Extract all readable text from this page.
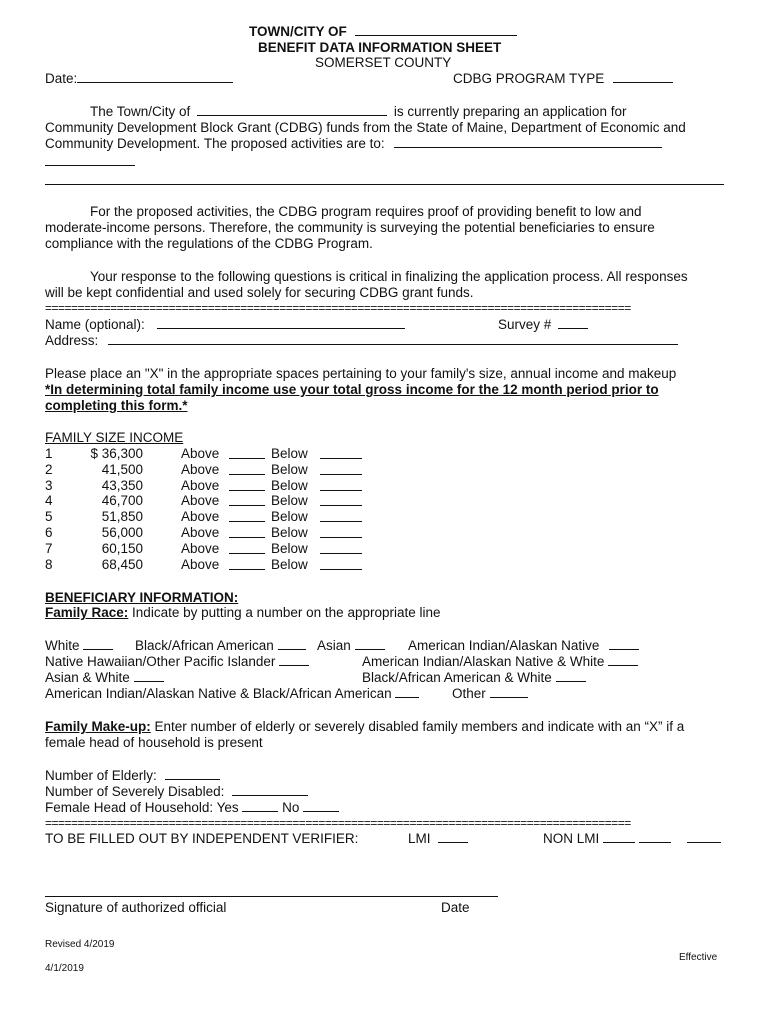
TOWN/CITY OF
BENEFIT DATA INFORMATION SHEET
SOMERSET COUNTY
Date:	CDBG PROGRAM TYPE
The Town/City of	is currently preparing an application for
Community Development Block Grant (CDBG) funds from the State of Maine, Department of Economic and
Community Development. The proposed activities are to:
For the proposed activities, the CDBG program requires proof of providing benefit to low and
moderate-income persons. Therefore, the community is surveying the potential beneficiaries to ensure
compliance with the regulations of the CDBG Program.
Your response to the following questions is critical in finalizing the application process. All responses
will be kept confidential and used solely for securing CDBG grant funds.
==========================================================================================
Name (optional):	Survey #
Address:
Please place an "X" in the appropriate spaces pertaining to your family's size, annual income and makeup
*In determining total family income use your total gross income for the 12 month period prior to
completing this form.*
FAMILY SIZE INCOME
1	$ 36,300	Above	Below
2	41,500	Above	Below
3	43,350	Above	Below
4	46,700	Above	Below
5	51,850	Above	Below
6	56,000	Above	Below
7	60,150	Above	Below
8	68,450	Above	Below
BENEFICIARY INFORMATION:
Family Race: Indicate by putting a number on the appropriate line
White	Black/African American	Asian	American Indian/Alaskan Native
Native Hawaiian/Other Pacific Islander	American Indian/Alaskan Native & White
Asian & White	Black/African American & White
American Indian/Alaskan Native & Black/African American	Other
Family Make-up: Enter number of elderly or severely disabled family members and indicate with an “X” if a
female head of household is present
Number of Elderly:
Number of Severely Disabled:
Female Head of Household: Yes	No
==========================================================================================
TO BE FILLED OUT BY INDEPENDENT VERIFIER:	LMI	NON LMI
Signature of authorized official	Date
Revised 4/2019
Effective
4/1/2019
